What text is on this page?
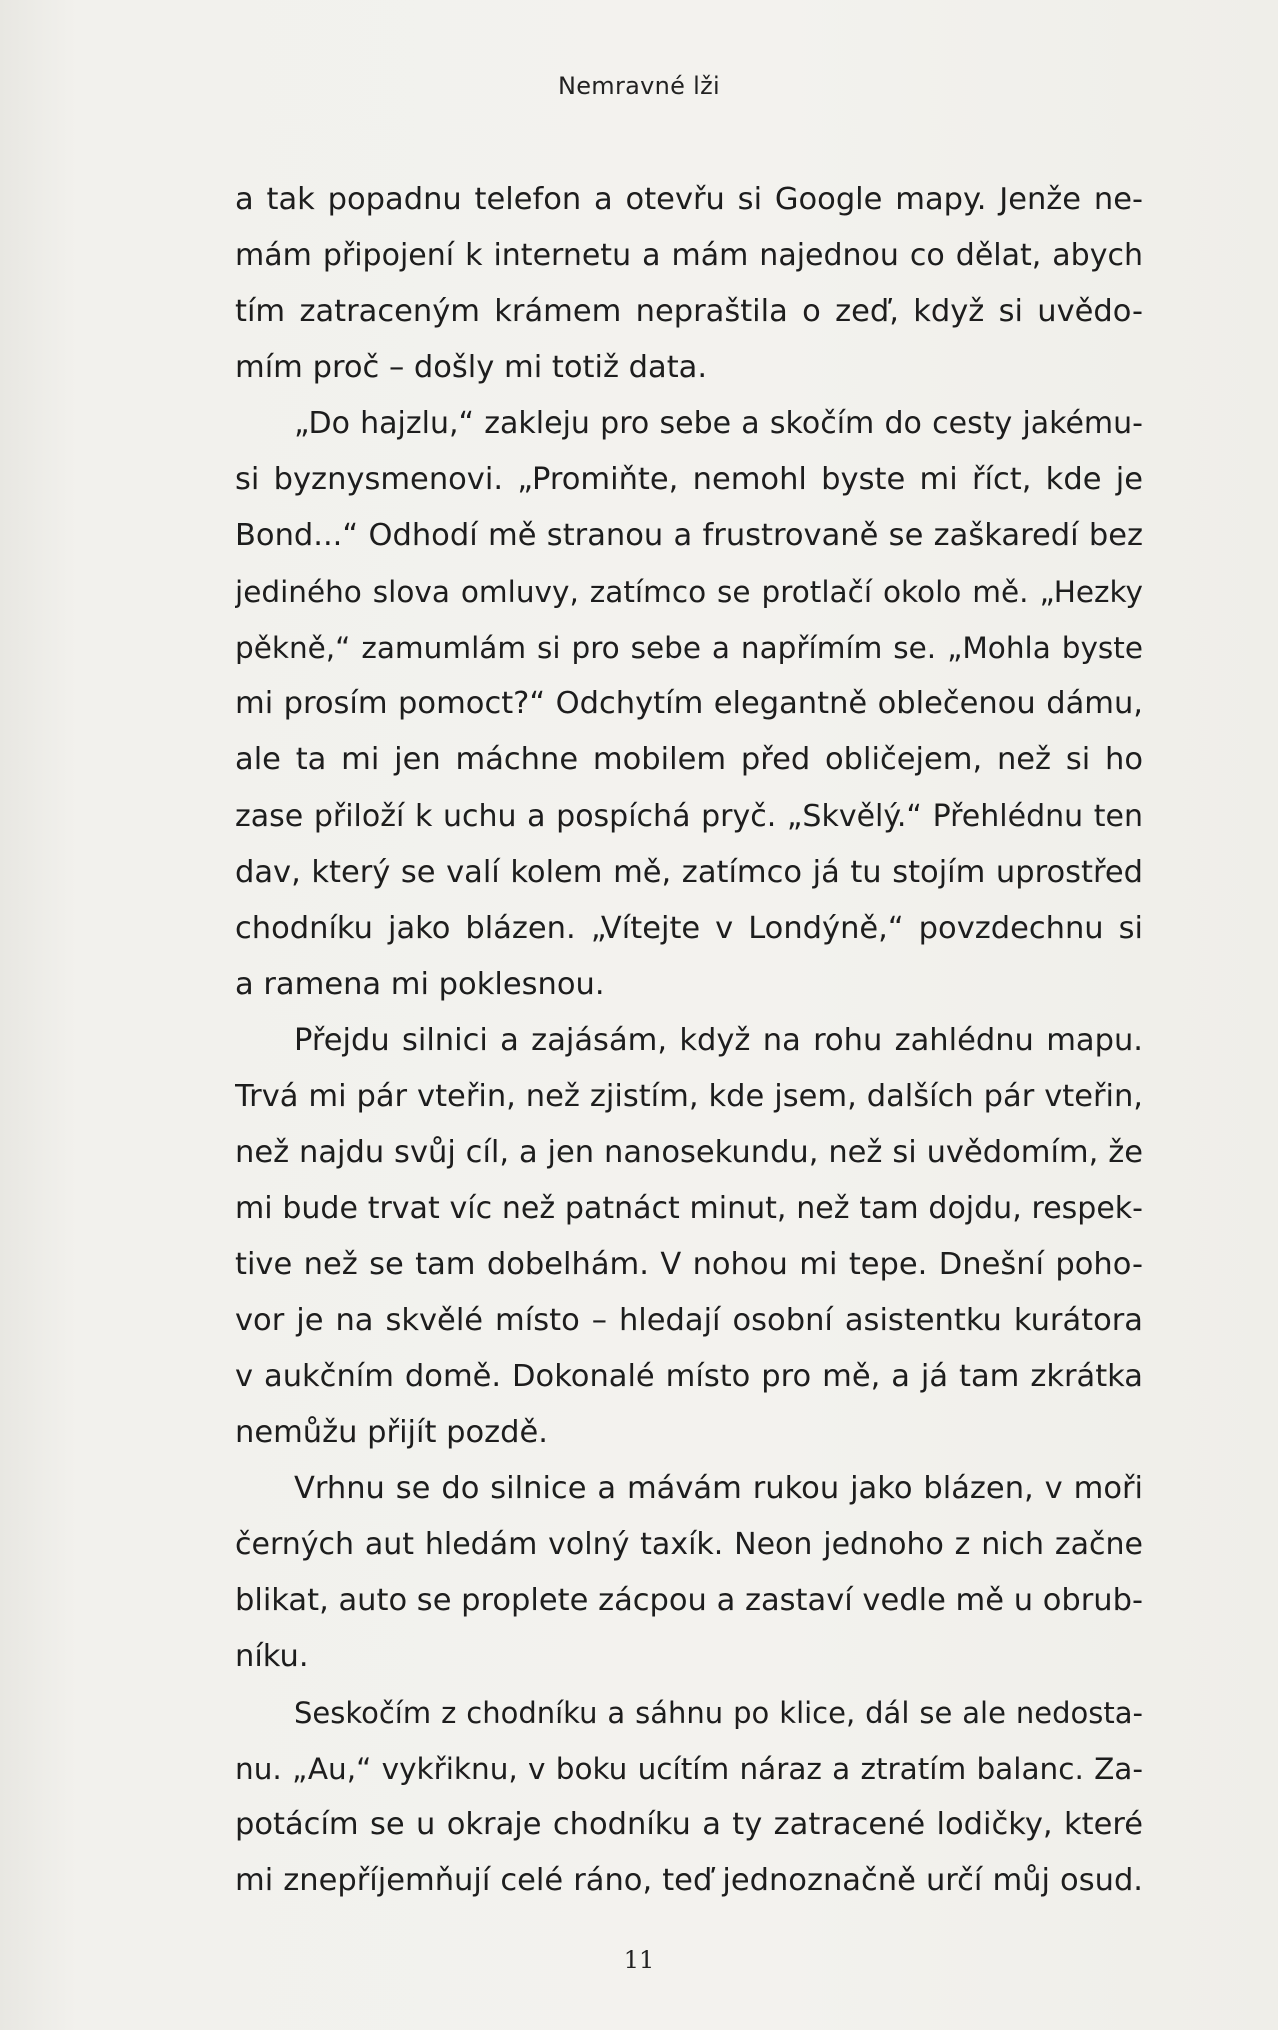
Nemravné lži
a tak popadnu telefon a otevřu si Google mapy. Jenže ne-
mám připojení k internetu a mám najednou co dělat, abych
tím zatraceným krámem nepraštila o zeď, když si uvědo-
mím proč – došly mi totiž data.
„Do hajzlu,“ zakleju pro sebe a skočím do cesty jakému-
si byznysmenovi. „Promiňte, nemohl byste mi říct, kde je
Bond...“ Odhodí mě stranou a frustrovaně se zaškaredí bez
jediného slova omluvy, zatímco se protlačí okolo mě. „Hezky
pěkně,“ zamumlám si pro sebe a napřímím se. „Mohla byste
mi prosím pomoct?“ Odchytím elegantně oblečenou dámu,
ale ta mi jen máchne mobilem před obličejem, než si ho
zase přiloží k uchu a pospíchá pryč. „Skvělý.“ Přehlédnu ten
dav, který se valí kolem mě, zatímco já tu stojím uprostřed
chodníku jako blázen. „Vítejte v Londýně,“ povzdechnu si
a ramena mi poklesnou.
Přejdu silnici a zajásám, když na rohu zahlédnu mapu.
Trvá mi pár vteřin, než zjistím, kde jsem, dalších pár vteřin,
než najdu svůj cíl, a jen nanosekundu, než si uvědomím, že
mi bude trvat víc než patnáct minut, než tam dojdu, respek-
tive než se tam dobelhám. V nohou mi tepe. Dnešní poho-
vor je na skvělé místo – hledají osobní asistentku kurátora
v aukčním domě. Dokonalé místo pro mě, a já tam zkrátka
nemůžu přijít pozdě.
Vrhnu se do silnice a mávám rukou jako blázen, v moři
černých aut hledám volný taxík. Neon jednoho z nich začne
blikat, auto se proplete zácpou a zastaví vedle mě u obrub-
níku.
Seskočím z chodníku a sáhnu po klice, dál se ale nedosta-
nu. „Au,“ vykřiknu, v boku ucítím náraz a ztratím balanc. Za-
potácím se u okraje chodníku a ty zatracené lodičky, které
mi znepříjemňují celé ráno, teď jednoznačně určí můj osud.
11
